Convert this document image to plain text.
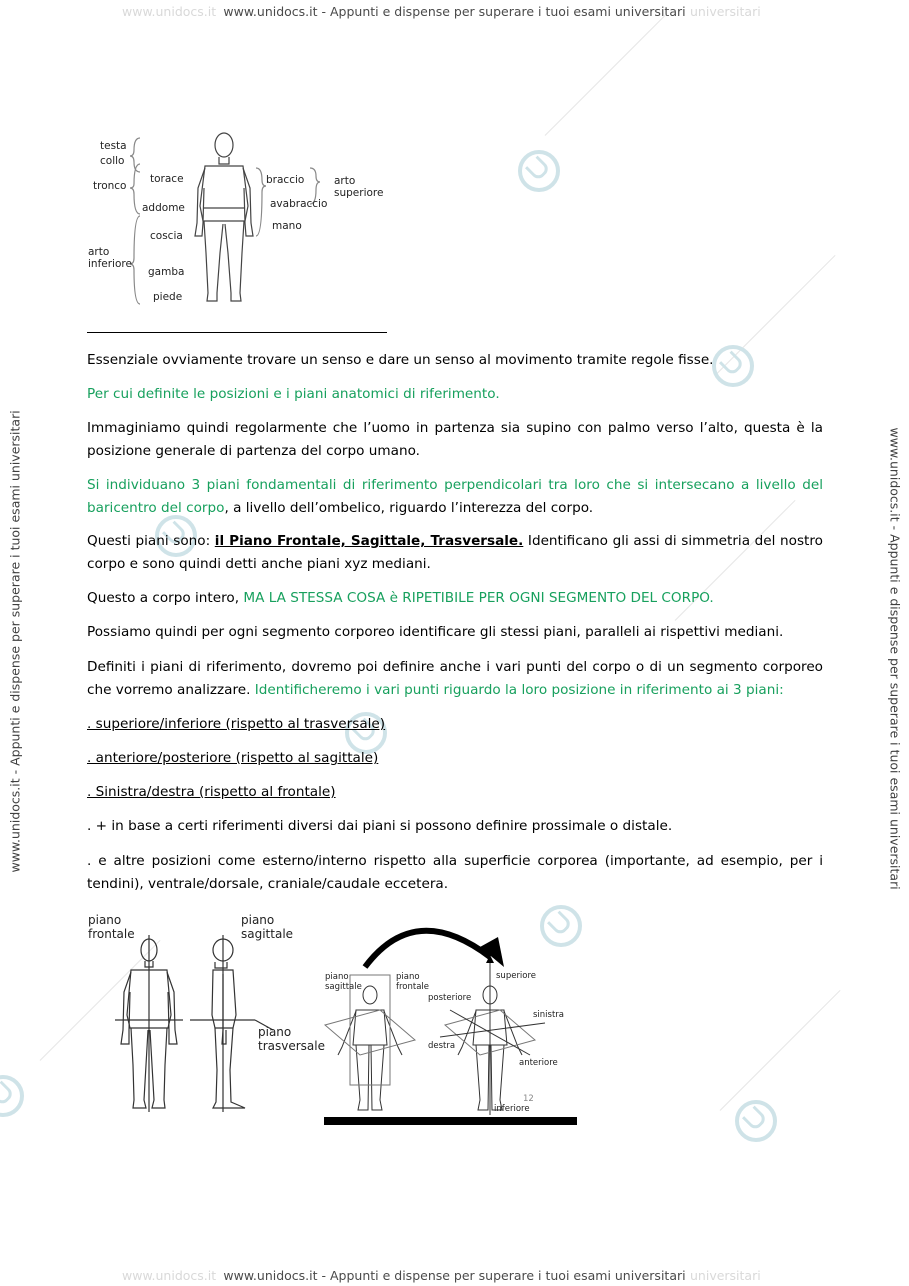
www.unidocs.it www.unidocs.it - Appunti e dispense per superare i tuoi esami universitari universitari
www.unidocs.it www.unidocs.it - Appunti e dispense per superare i tuoi esami universitari universitari
www.unidocs.it - Appunti e dispense per superare i tuoi esami universitari	www.unidocs.it - Appunti e dispense per superare i tuoi esami universitari
testa
collo
tronco
torace
addome
arto
inferiore
coscia
gamba
piede
braccio	arto
superiore
avabraccio
mano
Essenziale ovviamente trovare un senso e dare un senso al movimento tramite regole fisse.
Per cui definite le posizioni e i piani anatomici di riferimento.
Immaginiamo quindi regolarmente che l’uomo in partenza sia supino con palmo verso l’alto, questa è la posizione generale di partenza del corpo umano.
Si individuano 3 piani fondamentali di riferimento perpendicolari tra loro che si intersecano a livello del baricentro del corpo, a livello dell’ombelico, riguardo l’interezza del corpo.
Questi piani sono: il Piano Frontale, Sagittale, Trasversale. Identificano gli assi di simmetria del nostro corpo e sono quindi detti anche piani xyz mediani.
Questo a corpo intero, MA LA STESSA COSA è RIPETIBILE PER OGNI SEGMENTO DEL CORPO.
Possiamo quindi per ogni segmento corporeo identificare gli stessi piani, paralleli ai rispettivi mediani.
Definiti i piani di riferimento, dovremo poi definire anche i vari punti del corpo o di un segmento corporeo che vorremo analizzare. Identificheremo i vari punti riguardo la loro posizione in riferimento ai 3 piani:
. superiore/inferiore (rispetto al trasversale)
. anteriore/posteriore (rispetto al sagittale)
. Sinistra/destra (rispetto al frontale)
. + in base a certi riferimenti diversi dai piani si possono definire prossimale o distale.
. e altre posizioni come esterno/interno rispetto alla superficie corporea (importante, ad esempio, per i tendini), ventrale/dorsale, craniale/caudale eccetera.
piano
frontale
piano
sagittale
piano
trasversale
piano
sagittale
piano
frontale
superiore
posteriore
sinistra
destra
anteriore
inferiore
12
